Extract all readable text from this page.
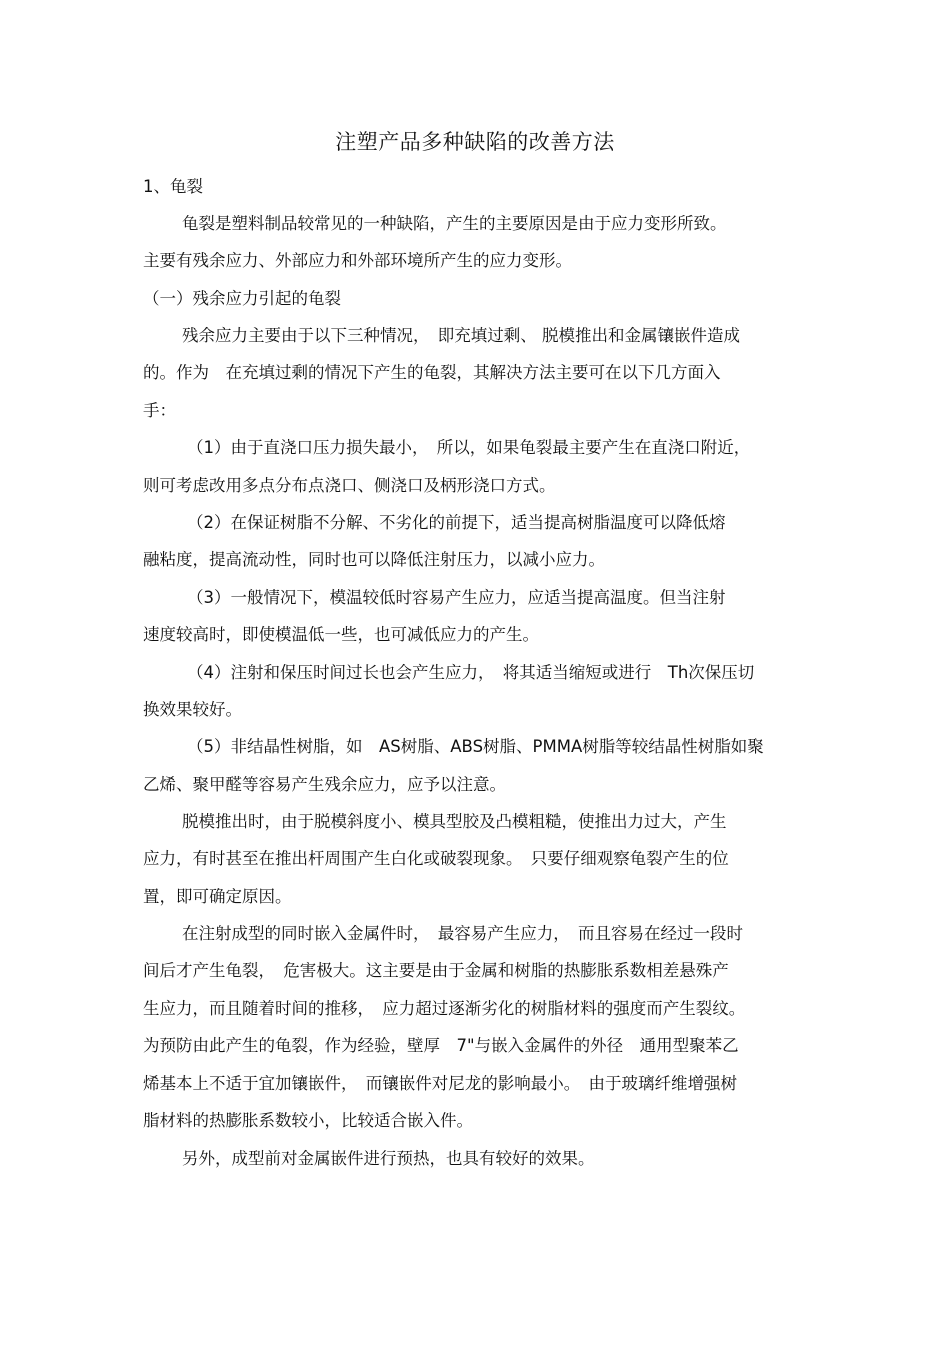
注塑产品多种缺陷的改善方法
1、龟裂
龟裂是塑料制品较常见的一种缺陷，产生的主要原因是由于应力变形所致。
主要有残余应力、外部应力和外部环境所产生的应力变形。
（一）残余应力引起的龟裂
残余应力主要由于以下三种情况，　即充填过剩、 脱模推出和金属镶嵌件造成
的。作为　在充填过剩的情况下产生的龟裂，其解决方法主要可在以下几方面入
手：
（1）由于直浇口压力损失最小，　所以，如果龟裂最主要产生在直浇口附近，
则可考虑改用多点分布点浇口、侧浇口及柄形浇口方式。
（2）在保证树脂不分解、不劣化的前提下，适当提高树脂温度可以降低熔
融粘度，提高流动性，同时也可以降低注射压力，以减小应力。
（3）一般情况下，模温较低时容易产生应力，应适当提高温度。但当注射
速度较高时，即使模温低一些，也可减低应力的产生。
（4）注射和保压时间过长也会产生应力，　将其适当缩短或进行　Th次保压切
换效果较好。
（5）非结晶性树脂，如　AS树脂、ABS树脂、PMMA树脂等较结晶性树脂如聚
乙烯、聚甲醛等容易产生残余应力，应予以注意。
脱模推出时，由于脱模斜度小、模具型胶及凸模粗糙，使推出力过大，产生
应力，有时甚至在推出杆周围产生白化或破裂现象。　只要仔细观察龟裂产生的位
置，即可确定原因。
在注射成型的同时嵌入金属件时，　最容易产生应力，　而且容易在经过一段时
间后才产生龟裂，　危害极大。这主要是由于金属和树脂的热膨胀系数相差悬殊产
生应力，而且随着时间的推移，　应力超过逐渐劣化的树脂材料的强度而产生裂纹。
为预防由此产生的龟裂，作为经验，壁厚　7"与嵌入金属件的外径　通用型聚苯乙
烯基本上不适于宜加镶嵌件，　而镶嵌件对尼龙的影响最小。　由于玻璃纤维增强树
脂材料的热膨胀系数较小，比较适合嵌入件。
另外，成型前对金属嵌件进行预热，也具有较好的效果。
